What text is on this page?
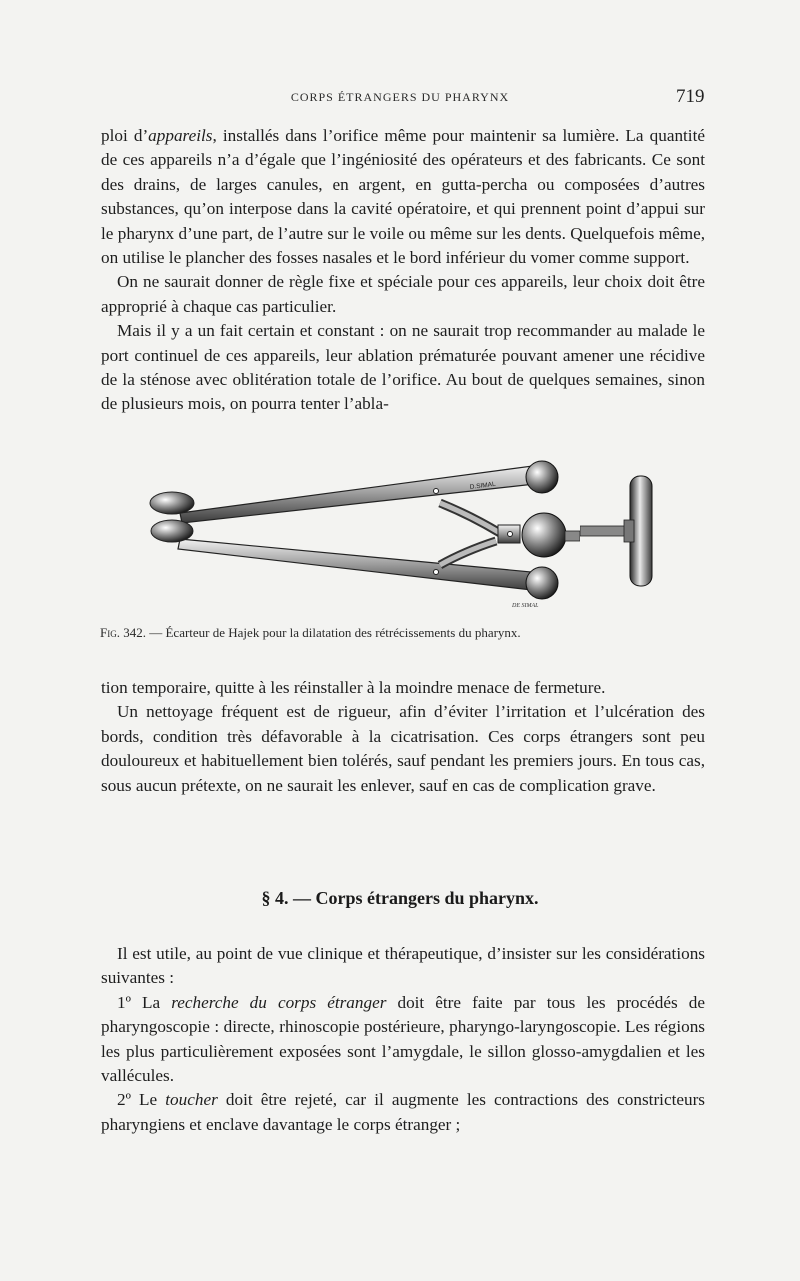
CORPS ÉTRANGERS DU PHARYNX	719

ploi d’appareils, installés dans l’orifice même pour maintenir sa lumière. La quantité de ces appareils n’a d’égale que l’ingéniosité des opérateurs et des fabricants. Ce sont des drains, de larges canules, en argent, en gutta-percha ou composées d’autres substances, qu’on interpose dans la cavité opératoire, et qui prennent point d’appui sur le pharynx d’une part, de l’autre sur le voile ou même sur les dents. Quelquefois même, on utilise le plancher des fosses nasales et le bord inférieur du vomer comme support.

On ne saurait donner de règle fixe et spéciale pour ces appareils, leur choix doit être approprié à chaque cas particulier.

Mais il y a un fait certain et constant : on ne saurait trop recommander au malade le port continuel de ces appareils, leur ablation prématurée pouvant amener une récidive de la sténose avec oblitération totale de l’orifice. Au bout de quelques semaines, sinon de plusieurs mois, on pourra tenter l’abla-

D.SIMAL
DE SIMAL
Fig. 342. — Écarteur de Hajek pour la dilatation des rétrécissements du pharynx.

tion temporaire, quitte à les réinstaller à la moindre menace de fermeture.

Un nettoyage fréquent est de rigueur, afin d’éviter l’irritation et l’ulcération des bords, condition très défavorable à la cicatrisation. Ces corps étrangers sont peu douloureux et habituellement bien tolérés, sauf pendant les premiers jours. En tous cas, sous aucun prétexte, on ne saurait les enlever, sauf en cas de complication grave.

§ 4. — Corps étrangers du pharynx.

Il est utile, au point de vue clinique et thérapeutique, d’insister sur les considérations suivantes :

1º La recherche du corps étranger doit être faite par tous les procédés de pharyngoscopie : directe, rhinoscopie postérieure, pharyngo-laryngoscopie. Les régions les plus particulièrement exposées sont l’amygdale, le sillon glosso-amygdalien et les vallécules.

2º Le toucher doit être rejeté, car il augmente les contractions des constricteurs pharyngiens et enclave davantage le corps étranger ;
